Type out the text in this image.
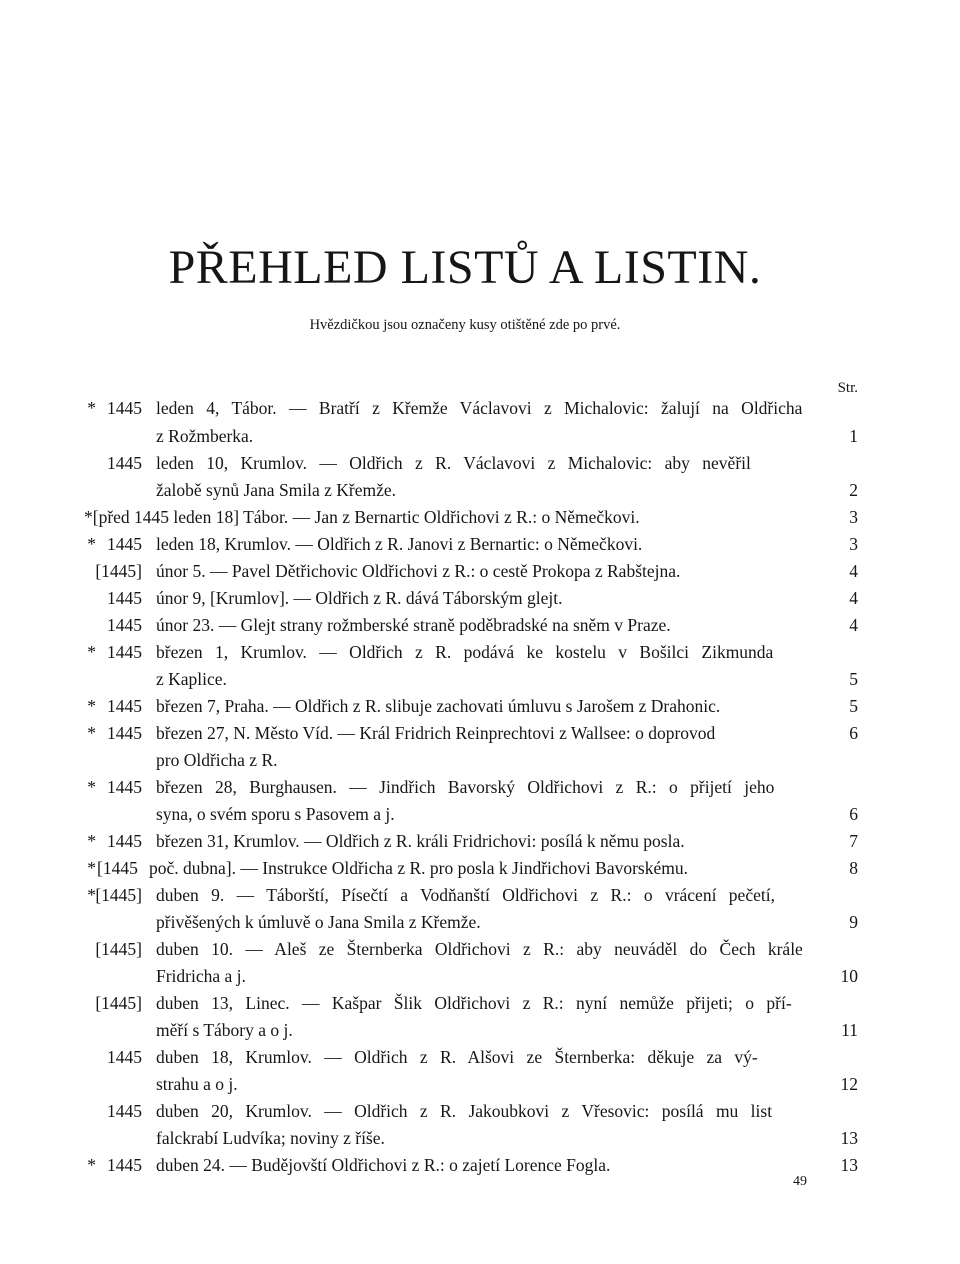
PŘEHLED LISTŮ A LISTIN.
Hvězdičkou jsou označeny kusy otištěné zde po prvé.
Str.
* 1445 leden 4, Tábor. — Bratří z Křemže Václavovi z Michalovic: žalují na Oldřicha
z Rožmberka.	1
1445 leden 10, Krumlov. — Oldřich z R. Václavovi z Michalovic: aby nevěřil
žalobě synů Jana Smila z Křemže.	2
*[před 1445 leden 18] Tábor. — Jan z Bernartic Oldřichovi z R.: o Němečkovi.	3
* 1445 leden 18, Krumlov. — Oldřich z R. Janovi z Bernartic: o Němečkovi.	3
[1445] únor 5. — Pavel Dětřichovic Oldřichovi z R.: o cestě Prokopa z Rabštejna.	4
1445 únor 9, [Krumlov]. — Oldřich z R. dává Táborským glejt.	4
1445 únor 23. — Glejt strany rožmberské straně poděbradské na sněm v Praze.	4
* 1445 březen 1, Krumlov. — Oldřich z R. podává ke kostelu v Bošilci Zikmunda
z Kaplice.	5
* 1445 březen 7, Praha. — Oldřich z R. slibuje zachovati úmluvu s Jarošem z Drahonic.	5
* 1445 březen 27, N. Město Víd. — Král Fridrich Reinprechtovi z Wallsee: o doprovod	6
pro Oldřicha z R.
* 1445 březen 28, Burghausen. — Jindřich Bavorský Oldřichovi z R.: o přijetí jeho
syna, o svém sporu s Pasovem a j.	6
* 1445 březen 31, Krumlov. — Oldřich z R. králi Fridrichovi: posílá k němu posla.	7
* [1445 poč. dubna]. — Instrukce Oldřicha z R. pro posla k Jindřichovi Bavorskému.	8
* [1445] duben 9. — Táborští, Písečtí a Vodňanští Oldřichovi z R.: o vrácení pečetí,
přivěšených k úmluvě o Jana Smila z Křemže.	9
[1445] duben 10. — Aleš ze Šternberka Oldřichovi z R.: aby neuváděl do Čech krále
Fridricha a j.	10
[1445] duben 13, Linec. — Kašpar Šlik Oldřichovi z R.: nyní nemůže přijeti; o pří-
měří s Tábory a o j.	11
1445 duben 18, Krumlov. — Oldřich z R. Alšovi ze Šternberka: děkuje za vý-
strahu a o j.	12
1445 duben 20, Krumlov. — Oldřich z R. Jakoubkovi z Vřesovic: posílá mu list
falckrabí Ludvíka; noviny z říše.	13
* 1445 duben 24. — Budějovští Oldřichovi z R.: o zajetí Lorence Fogla.	13
49
